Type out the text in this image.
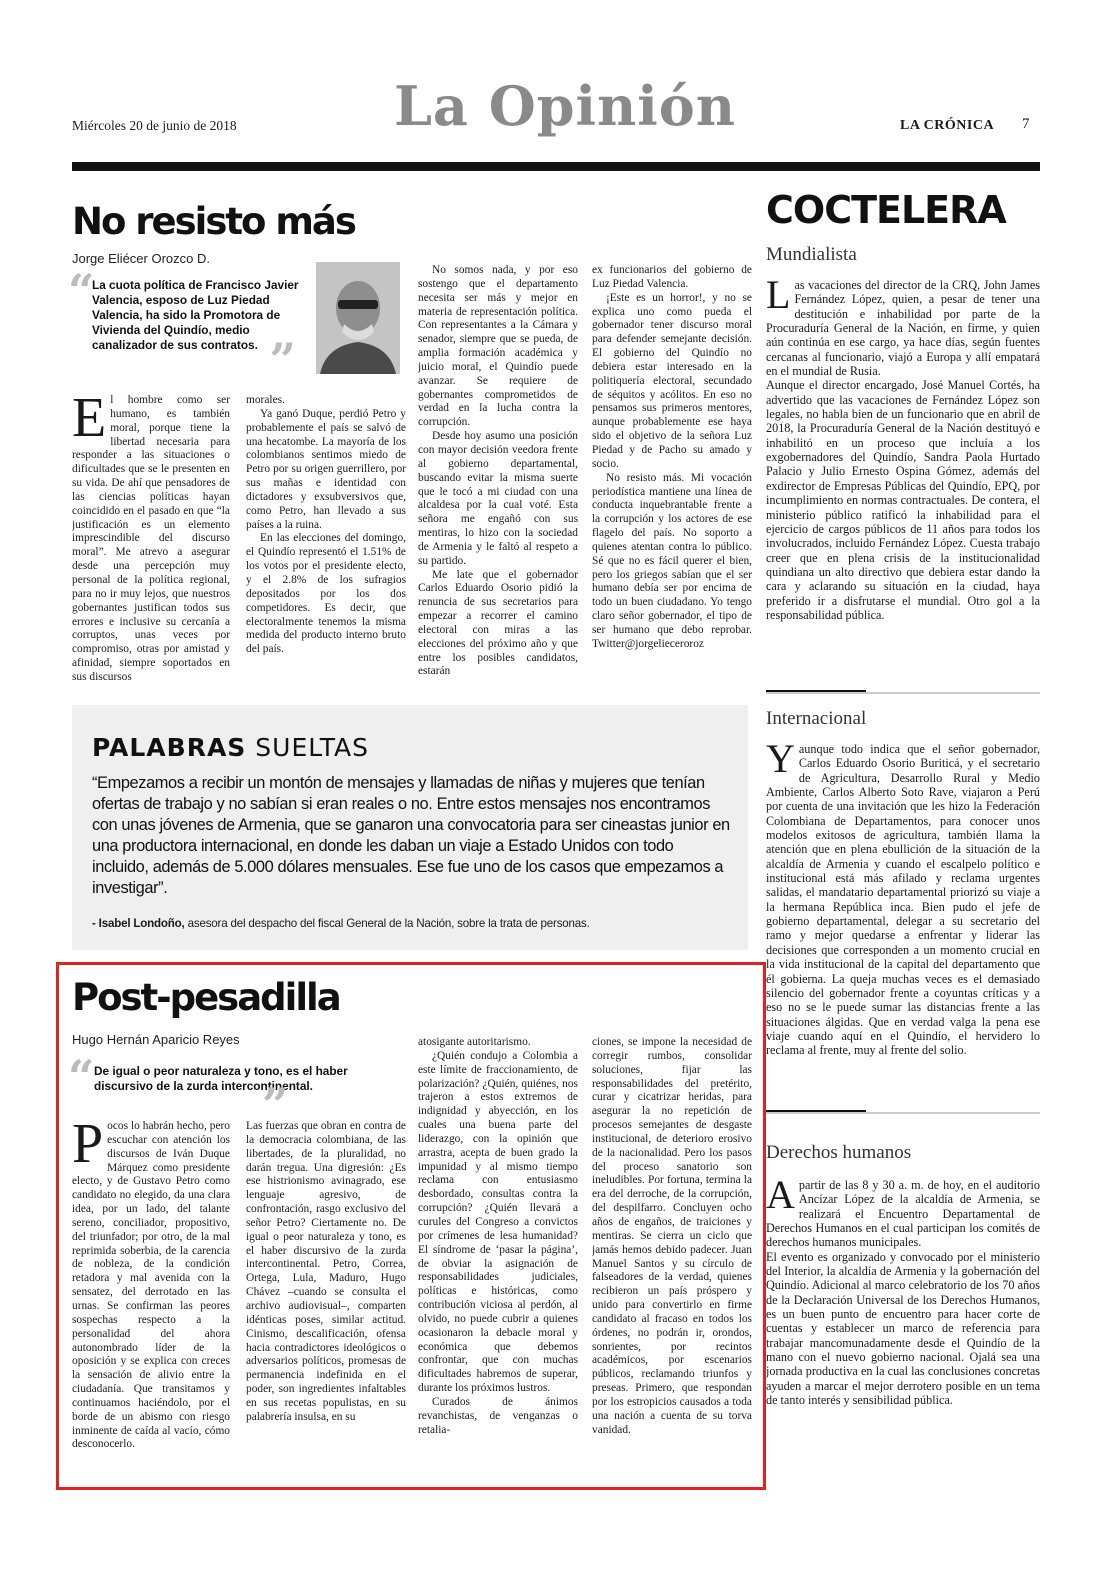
Miércoles 20 de junio de 2018	La Opinión	LA CRÓNICA 7
No resisto más
Jorge Eliécer Orozco D.
“
La cuota política de Francisco Javier Valencia, esposo de Luz Piedad Valencia, ha sido la Promotora de Vivienda del Quindío, medio canalizador de sus contratos. ”

El hombre como ser humano, es también moral, porque tiene la libertad necesaria para responder a las situaciones o dificultades que se le presenten en su vida. De ahí que pensadores de las ciencias políticas hayan coincidido en el pasado en que “la justificación es un elemento imprescindible del discurso moral”. Me atrevo a asegurar desde una percepción muy personal de la política regional, para no ir muy lejos, que nuestros gobernantes justifican todos sus errores e inclusive su cercanía a corruptos, unas veces por compromiso, otras por amistad y afinidad, siempre soportados en sus discursos

morales.

Ya ganó Duque, perdió Petro y probablemente el país se salvó de una hecatombe. La mayoría de los colombianos sentimos miedo de Petro por su origen guerrillero, por sus mañas e identidad con dictadores y exsubversivos que, como Petro, han llevado a sus países a la ruina.

En las elecciones del domingo, el Quindío representó el 1.51% de los votos por el presidente electo, y el 2.8% de los sufragios depositados por los dos competidores. Es decir, que electoralmente tenemos la misma medida del producto interno bruto del país.

No somos nada, y por eso sostengo que el departamento necesita ser más y mejor en materia de representación política. Con representantes a la Cámara y senador, siempre que se pueda, de amplia formación académica y juicio moral, el Quindío puede avanzar. Se requiere de gobernantes comprometidos de verdad en la lucha contra la corrupción.

Desde hoy asumo una posición con mayor decisión veedora frente al gobierno departamental, buscando evitar la misma suerte que le tocó a mi ciudad con una alcaldesa por la cual voté. Esta señora me engañó con sus mentiras, lo hizo con la sociedad de Armenia y le faltó al respeto a su partido.

Me late que el gobernador Carlos Eduardo Osorio pidió la renuncia de sus secretarios para empezar a recorrer el camino electoral con miras a las elecciones del próximo año y que entre los posibles candidatos, estarán

ex funcionarios del gobierno de Luz Piedad Valencia.

¡Este es un horror!, y no se explica uno como pueda el gobernador tener discurso moral para defender semejante decisión. El gobierno del Quindío no debiera estar interesado en la politiquería electoral, secundado de séquitos y acólitos. En eso no pensamos sus primeros mentores, aunque probablemente ese haya sido el objetivo de la señora Luz Piedad y de Pacho su amado y socio.

No resisto más. Mi vocación periodística mantiene una línea de conducta inquebrantable frente a la corrupción y los actores de ese flagelo del país. No soporto a quienes atentan contra lo público. Sé que no es fácil querer el bien, pero los griegos sabían que el ser humano debía ser por encima de todo un buen ciudadano. Yo tengo claro señor gobernador, el tipo de ser humano que debo reprobar. Twitter@jorgelieceroroz

PALABRAS SUELTAS
“Empezamos a recibir un montón de mensajes y llamadas de niñas y mujeres que tenían ofertas de trabajo y no sabían si eran reales o no. Entre estos mensajes nos encontramos con unas jóvenes de Armenia, que se ganaron una convocatoria para ser cineastas junior en una productora internacional, en donde les daban un viaje a Estado Unidos con todo incluido, además de 5.000 dólares mensuales. Ese fue uno de los casos que empezamos a investigar”.
- Isabel Londoño, asesora del despacho del fiscal General de la Nación, sobre la trata de personas.
Post-pesadilla
Hugo Hernán Aparicio Reyes
“ De igual o peor naturaleza y tono, es el haber discursivo de la zurda intercontinental.
”

Pocos lo habrán hecho, pero escuchar con atención los discursos de Iván Duque Márquez como presidente electo, y de Gustavo Petro como candidato no elegido, da una clara idea, por un lado, del talante sereno, conciliador, propositivo, del triunfador; por otro, de la mal reprimida soberbia, de la carencia de nobleza, de la condición retadora y mal avenida con la sensatez, del derrotado en las urnas. Se confirman las peores sospechas respecto a la personalidad del ahora autonombrado líder de la oposición y se explica con creces la sensación de alivio entre la ciudadanía. Que transitamos y continuamos haciéndolo, por el borde de un abismo con riesgo inminente de caída al vacío, cómo desconocerlo.

Las fuerzas que obran en contra de la democracia colombiana, de las libertades, de la pluralidad, no darán tregua. Una digresión: ¿Es ese histrionismo avinagrado, ese lenguaje agresivo, de confrontación, rasgo exclusivo del señor Petro? Ciertamente no. De igual o peor naturaleza y tono, es el haber discursivo de la zurda intercontinental. Petro, Correa, Ortega, Lula, Maduro, Hugo Chávez –cuando se consulta el archivo audiovisual–, comparten idénticas poses, similar actitud. Cinismo, descalificación, ofensa hacia contradictores ideológicos o adversarios políticos, promesas de permanencia indefinida en el poder, son ingredientes infaltables en sus recetas populistas, en su palabrería insulsa, en su

atosigante autoritarismo.

¿Quién condujo a Colombia a este límite de fraccionamiento, de polarización? ¿Quién, quiénes, nos trajeron a estos extremos de indignidad y abyección, en los cuales una buena parte del liderazgo, con la opinión que arrastra, acepta de buen grado la impunidad y al mismo tiempo reclama con entusiasmo desbordado, consultas contra la corrupción? ¿Quién llevará a curules del Congreso a convictos por crímenes de lesa humanidad? El síndrome de ‘pasar la página’, de obviar la asignación de responsabilidades judiciales, políticas e históricas, como contribución viciosa al perdón, al olvido, no puede cubrir a quienes ocasionaron la debacle moral y económica que debemos confrontar, que con muchas dificultades habremos de superar, durante los próximos lustros.

Curados de ánimos revanchistas, de venganzas o retalia-

ciones, se impone la necesidad de corregir rumbos, consolidar soluciones, fijar las responsabilidades del pretérito, curar y cicatrizar heridas, para asegurar la no repetición de procesos semejantes de desgaste institucional, de deterioro erosivo de la nacionalidad. Pero los pasos del proceso sanatorio son ineludibles. Por fortuna, termina la era del derroche, de la corrupción, del despilfarro. Concluyen ocho años de engaños, de traiciones y mentiras. Se cierra un ciclo que jamás hemos debido padecer. Juan Manuel Santos y su círculo de falseadores de la verdad, quienes recibieron un país próspero y unido para convertirlo en firme candidato al fracaso en todos los órdenes, no podrán ir, orondos, sonrientes, por recintos académicos, por escenarios públicos, reclamando triunfos y preseas. Primero, que respondan por los estropicios causados a toda una nación a cuenta de su torva vanidad.

COCTELERA
Mundialista

Las vacaciones del director de la CRQ, John James Fernández López, quien, a pesar de tener una destitución e inhabilidad por parte de la Procuraduría General de la Nación, en firme, y quien aún continúa en ese cargo, ya hace días, según fuentes cercanas al funcionario, viajó a Europa y allí empatará en el mundial de Rusia.

Aunque el director encargado, José Manuel Cortés, ha advertido que las vacaciones de Fernández López son legales, no habla bien de un funcionario que en abril de 2018, la Procuraduría General de la Nación destituyó e inhabilitó en un proceso que incluía a los exgobernadores del Quindío, Sandra Paola Hurtado Palacio y Julio Ernesto Ospina Gómez, además del exdirector de Empresas Públicas del Quindío, EPQ, por incumplimiento en normas contractuales. De contera, el ministerio público ratificó la inhabilidad para el ejercicio de cargos públicos de 11 años para todos los involucrados, incluido Fernández López. Cuesta trabajo creer que en plena crisis de la institucionalidad quindiana un alto directivo que debiera estar dando la cara y aclarando su situación en la ciudad, haya preferido ir a disfrutarse el mundial. Otro gol a la responsabilidad pública.

Internacional

Yaunque todo indica que el señor gobernador, Carlos Eduardo Osorio Buriticá, y el secretario de Agricultura, Desarrollo Rural y Medio Ambiente, Carlos Alberto Soto Rave, viajaron a Perú por cuenta de una invitación que les hizo la Federación Colombiana de Departamentos, para conocer unos modelos exitosos de agricultura, también llama la atención que en plena ebullición de la situación de la alcaldía de Armenia y cuando el escalpelo político e institucional está más afilado y reclama urgentes salidas, el mandatario departamental priorizó su viaje a la hermana República inca. Bien pudo el jefe de gobierno departamental, delegar a su secretario del ramo y mejor quedarse a enfrentar y liderar las decisiones que corresponden a un momento crucial en la vida institucional de la capital del departamento que él gobierna. La queja muchas veces es el demasiado silencio del gobernador frente a coyuntas críticas y a eso no se le puede sumar las distancias frente a las situaciones álgidas. Que en verdad valga la pena ese viaje cuando aquí en el Quindío, el hervidero lo reclama al frente, muy al frente del solio.

Derechos humanos

Apartir de las 8 y 30 a. m. de hoy, en el auditorio Ancízar López de la alcaldía de Armenia, se realizará el Encuentro Departamental de Derechos Humanos en el cual participan los comités de derechos humanos municipales.

El evento es organizado y convocado por el ministerio del Interior, la alcaldía de Armenia y la gobernación del Quindío. Adicional al marco celebratorio de los 70 años de la Declaración Universal de los Derechos Humanos, es un buen punto de encuentro para hacer corte de cuentas y establecer un marco de referencia para trabajar mancomunadamente desde el Quindío de la mano con el nuevo gobierno nacional. Ojalá sea una jornada productiva en la cual las conclusiones concretas ayuden a marcar el mejor derrotero posible en un tema de tanto interés y sensibilidad pública.
